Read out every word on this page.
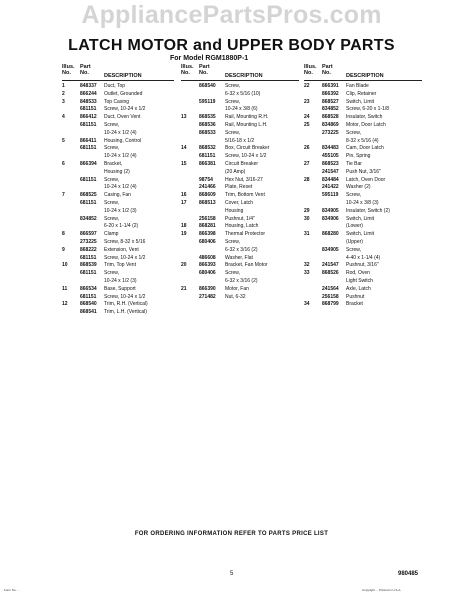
AppliancePartsPros.com
LATCH MOTOR and UPPER BODY PARTS
For Model RGM1880P-1
Illus. No.
Part No.	DESCRIPTION
1	848337 Duct, Top
2	866244 Outlet, Grounded
3	848533 Top Casing
681151 Screw, 10-24 x 1/2
4	866412 Duct, Oven Vent
681151 Screw,
10-24 x 1/2 (4)
5	866411 Housing, Control
681151 Screw,
10-24 x 1/2 (4)
6	866394 Bracket,
Housing (2)
681151 Screw,
10-24 x 1/2 (4)
7	868525 Casing, Fan
681151 Screw,
10-24 x 1/2 (3)
834852 Screw,
6-20 x 1-1/4 (2)
8	866597 Clamp
273225 Screw, 8-32 x 5/16
9	868222 Extension, Vent
681151 Screw, 10-24 x 1/2
10 868539 Trim, Top Vent
681151 Screw,
10-24 x 1/2 (3)
11	866534 Base, Support
681151 Screw, 10-24 x 1/2
12 868540 Trim, R.H. (Vertical)
868541 Trim, L.H. (Vertical)
Illus. No.
Part No.	DESCRIPTION
868540 Screw,
6-32 x 5/16 (10)
595119 Screw,
10-24 x 3/8 (6)
13 868535 Rail, Mounting R.H.
868536 Rail, Mounting L.H.
868533 Screw,
5/16-18 x 1/2
14 868532 Box, Circuit Breaker
681151 Screw, 10-24 x 1/2
15 866381 Circuit Breaker
(20 Amp)
98754 Hex Nut, 3/16-27
241466 Plate, Reset
16 868609 Trim, Bottom Vent
17 868513 Cover, Latch
Housing
256158 Pushnut, 1/4"
18 868281 Housing, Latch
19 866398 Thermal Protector
680406 Screw,
6-32 x 3/16 (2)
486608 Washer, Flat
20 866393 Bracket, Fan Motor
680406 Screw,
6-32 x 3/16 (2)
21 866390 Motor, Fan
271482 Nut, 6-32
Illus. No.
Part No.	DESCRIPTION
22 866391 Fan Blade
866392 Clip, Retainer
23 868527 Switch, Limit
834852 Screw, 6-20 x 1-1/8
24 868528 Insulator, Switch
25 834869 Motor, Door Latch
273225 Screw,
8-32 x 5/16 (4)
26 834483 Cam, Door Latch
455105 Pin, Spring
27 868523 Tie Bar
241547 Push Nut, 3/16"
28 834484 Latch, Oven Door
241422 Washer (2)
595119 Screw,
10-24 x 3/8 (3)
29 834905 Insulator, Switch (2)
30 834906 Switch, Limit
(Lower)
31 868280 Switch, Limit
(Upper)
834905 Screw,
4-40 x 1-1/4 (4)
32 241547 Pushnut, 3/16"
33 868526 Rod, Oven
Light Switch
241564 Axle, Latch
256158 Pushnut
34 868799 Bracket
FOR ORDERING INFORMATION REFER TO PARTS PRICE LIST
5	980485
Form No. ...	Copyright ... Printed in U.S.A.
